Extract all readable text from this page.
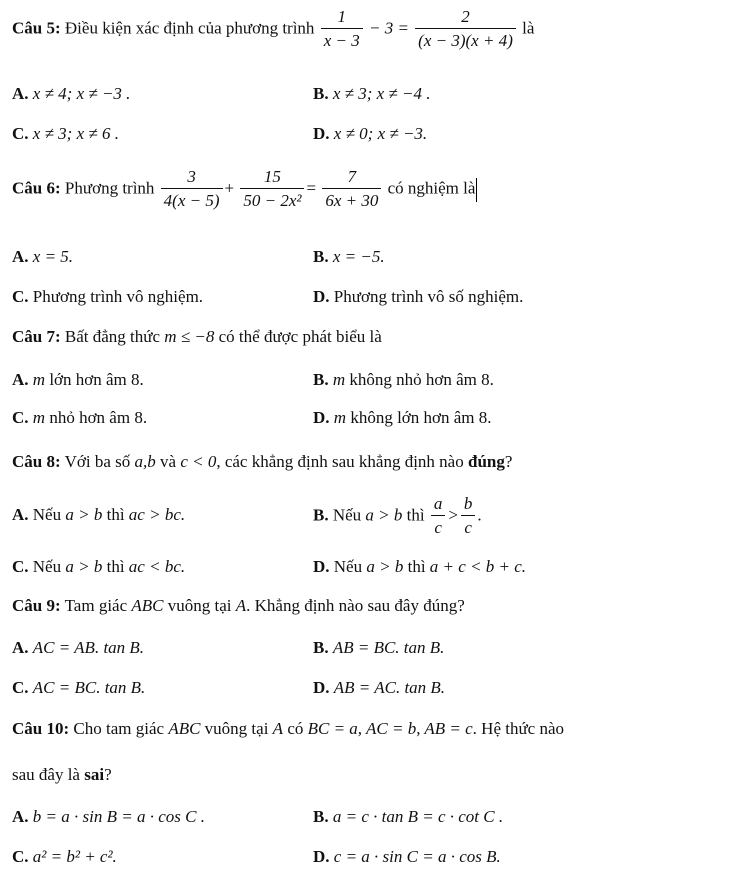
Câu 5: Điều kiện xác định của phương trình $\frac{1}{x - 3} - 3 = \frac{2}{(x - 3)(x + 4)}$ là
A. x ≠ 4; x ≠ −3 .	B. x ≠ 3; x ≠ −4 .
C. x ≠ 3; x ≠ 6 .	D. x ≠ 0; x ≠ −3.
Câu 6: Phương trình $\frac{3}{4(x - 5)} + \frac{15}{\text{50 − 2x²}} = \frac{7}{6x + 30}$ có nghiệm là
A. x = 5.	B. x = −5.
C. Phương trình vô nghiệm.	D. Phương trình vô số nghiệm.
Câu 7: Bất đẳng thức m ≤ −8 có thể được phát biểu là
A. m lớn hơn âm 8.	B. m không nhỏ hơn âm 8.
C. m nhỏ hơn âm 8.	D. m không lớn hơn âm 8.
Câu 8: Với ba số a,b và c < 0, các khẳng định sau khẳng định nào đúng?
A. Nếu a > b thì ac > bc.	B. Nếu a > b thì $\frac{a}{c} > \frac{b}{c}$ .
C. Nếu a > b thì ac < bc.	D. Nếu a > b thì a + c < b + c.
Câu 9: Tam giác ABC vuông tại A. Khẳng định nào sau đây đúng?
A. AC = AB. tan B.	B. AB = BC. tan B.
C. AC = BC. tan B.	D. AB = AC. tan B.
Câu 10: Cho tam giác ABC vuông tại A có BC = a, AC = b, AB = c. Hệ thức nào
sau đây là sai?
A. b = a · sin B = a · cos C .	B. a = c · tan B = c · cot C .
C. a² = b² + c².	D. c = a · sin C = a · cos B.
